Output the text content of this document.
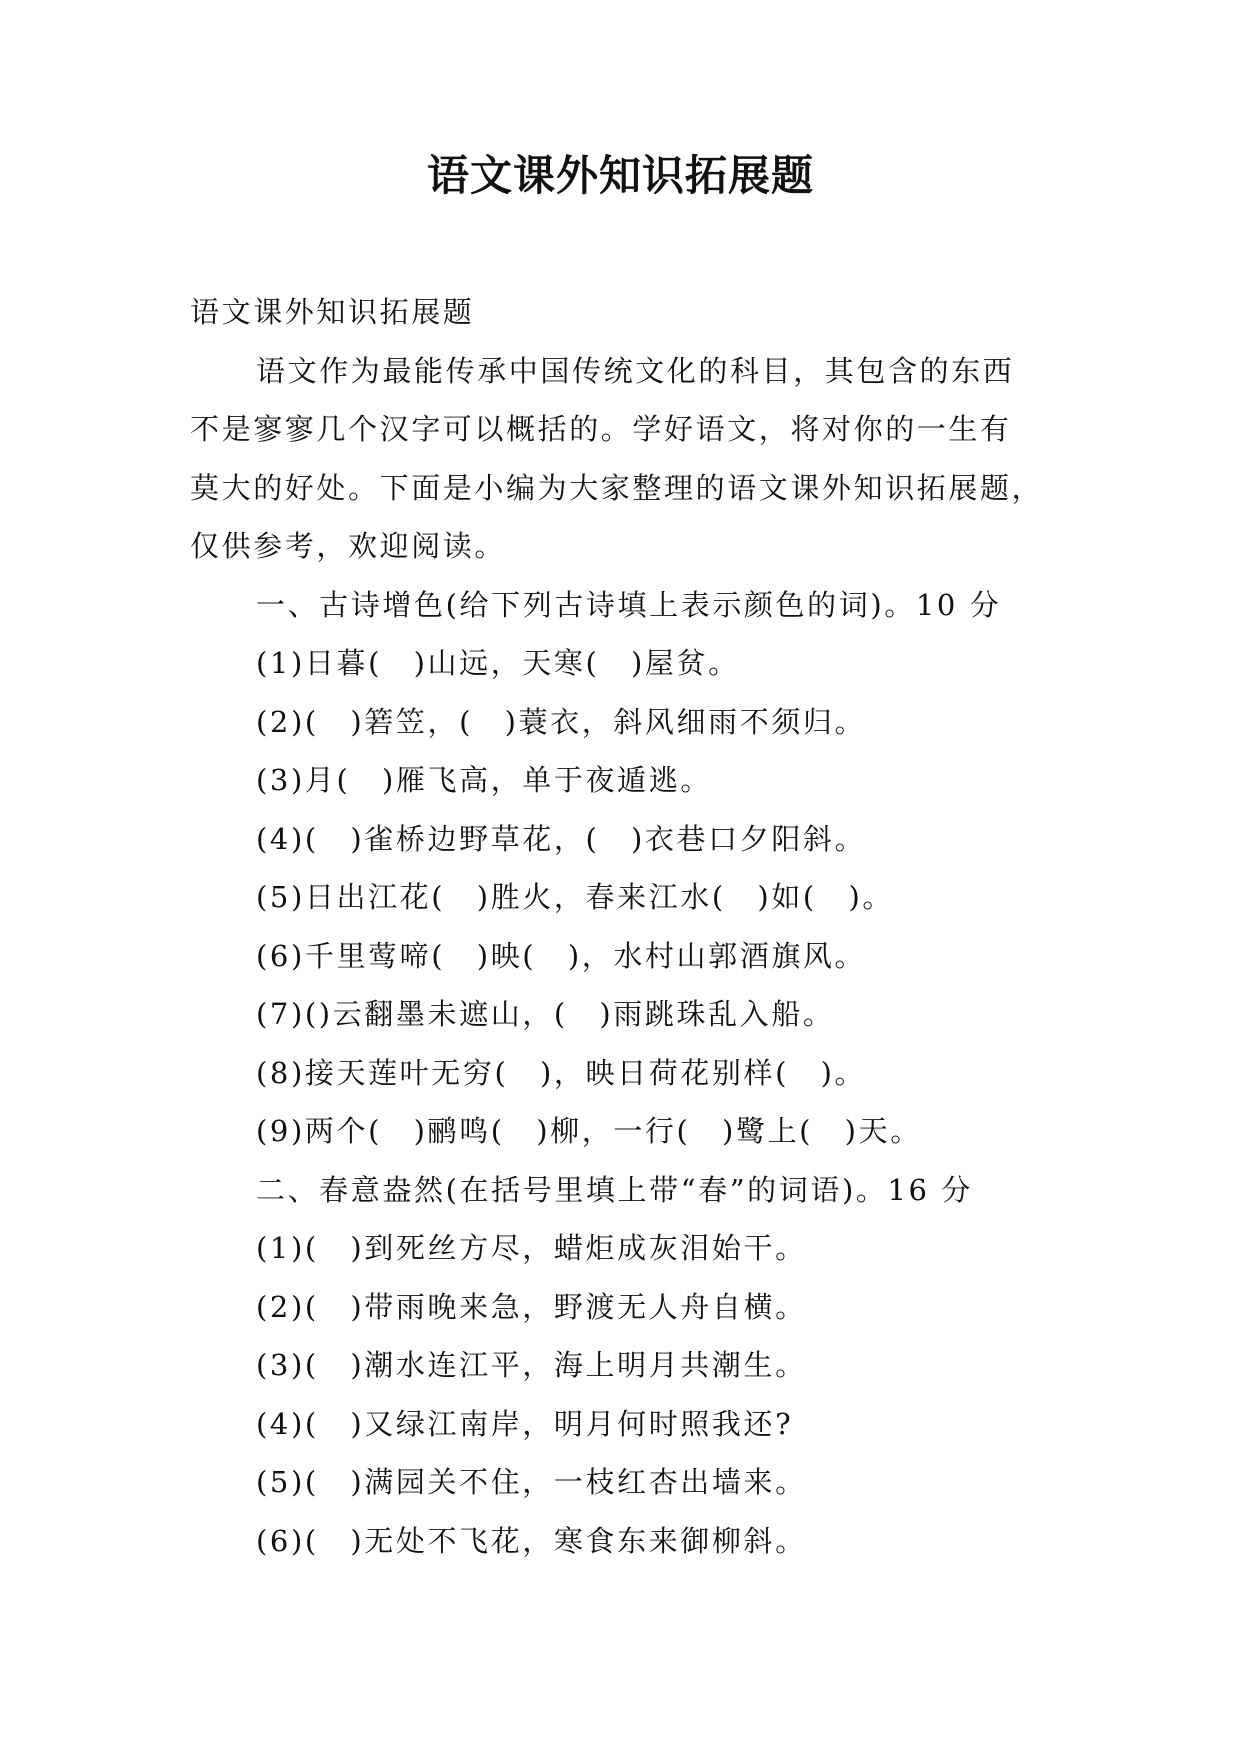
语文课外知识拓展题
语文课外知识拓展题
语文作为最能传承中国传统文化的科目，其包含的东西
不是寥寥几个汉字可以概括的。学好语文，将对你的一生有
莫大的好处。下面是小编为大家整理的语文课外知识拓展题，
仅供参考，欢迎阅读。
一、古诗增色(给下列古诗填上表示颜色的词)。10 分
(1)日暮(　)山远，天寒(　)屋贫。
(2)(　)箬笠，(　)蓑衣，斜风细雨不须归。
(3)月(　)雁飞高，单于夜遁逃。
(4)(　)雀桥边野草花，(　)衣巷口夕阳斜。
(5)日出江花(　)胜火，春来江水(　)如(　)。
(6)千里莺啼(　)映(　)，水村山郭酒旗风。
(7)()云翻墨未遮山，(　)雨跳珠乱入船。
(8)接天莲叶无穷(　)，映日荷花别样(　)。
(9)两个(　)鹂鸣(　)柳，一行(　)鹭上(　)天。
二、春意盎然(在括号里填上带“春”的词语)。16 分
(1)(　)到死丝方尽，蜡炬成灰泪始干。
(2)(　)带雨晚来急，野渡无人舟自横。
(3)(　)潮水连江平，海上明月共潮生。
(4)(　)又绿江南岸，明月何时照我还?
(5)(　)满园关不住，一枝红杏出墙来。
(6)(　)无处不飞花，寒食东来御柳斜。
